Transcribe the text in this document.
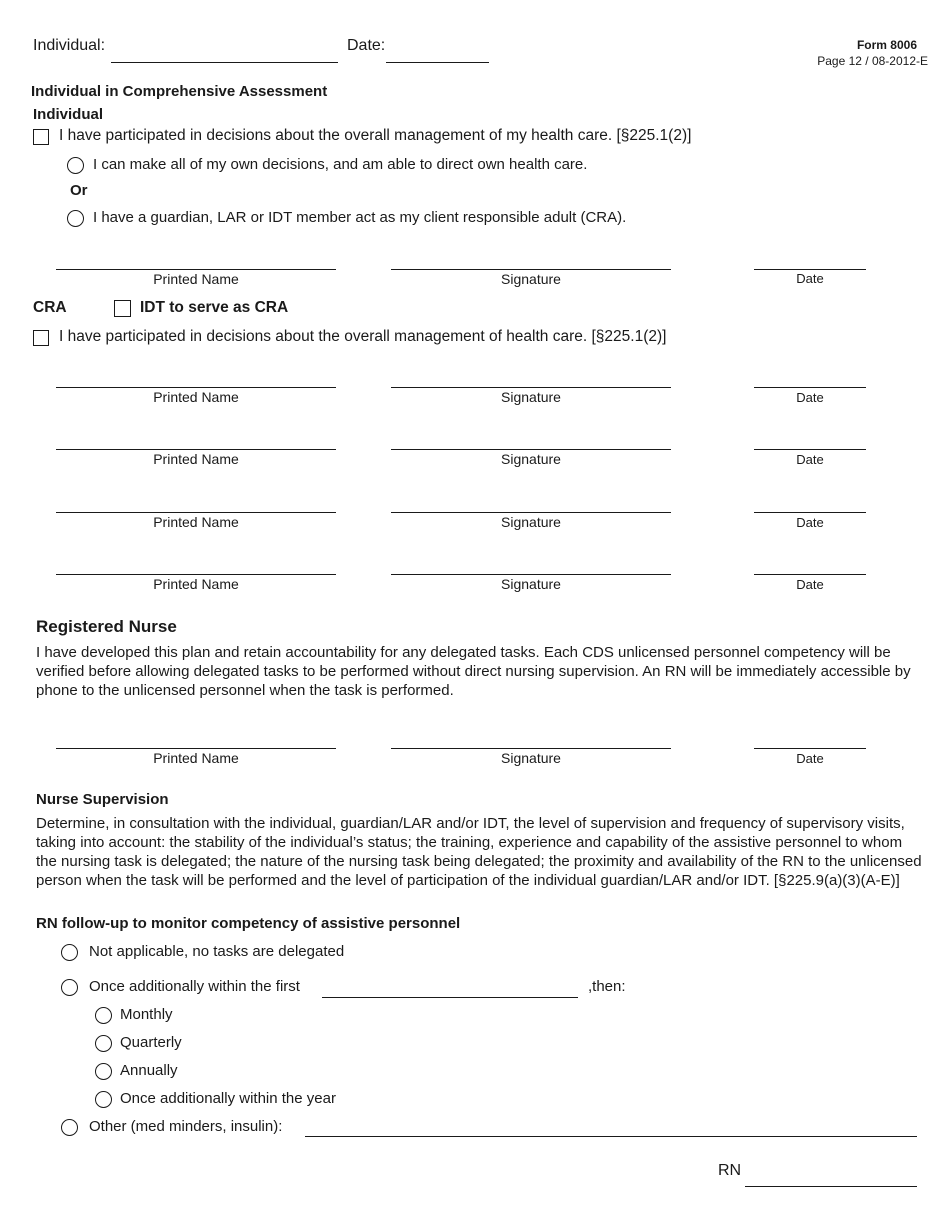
Individual:	Date:	Form 8006
Page 12 / 08-2012-E
Individual in Comprehensive Assessment
Individual
I have participated in decisions about the overall management of my health care. [§225.1(2)]
I can make all of my own decisions, and am able to direct own health care.
Or
I have a guardian, LAR or IDT member act as my client responsible adult (CRA).
Printed Name	Signature	Date
CRA	IDT to serve as CRA
I have participated in decisions about the overall management of health care. [§225.1(2)]
Printed Name	Signature	Date
Printed Name	Signature	Date
Printed Name	Signature	Date
Printed Name	Signature	Date
Registered Nurse
I have developed this plan and retain accountability for any delegated tasks. Each CDS unlicensed personnel competency will be verified before allowing delegated tasks to be performed without direct nursing supervision. An RN will be immediately accessible by phone to the unlicensed personnel when the task is performed.
Printed Name	Signature	Date
Nurse Supervision
Determine, in consultation with the individual, guardian/LAR and/or IDT, the level of supervision and frequency of supervisory visits, taking into account: the stability of the individual’s status; the training, experience and capability of the assistive personnel to whom the nursing task is delegated; the nature of the nursing task being delegated; the proximity and availability of the RN to the unlicensed person when the task will be performed and the level of participation of the individual guardian/LAR and/or IDT. [§225.9(a)(3)(A-E)]
RN follow-up to monitor competency of assistive personnel
Not applicable, no tasks are delegated
Once additionally within the first	,then:
Monthly
Quarterly
Annually
Once additionally within the year
Other (med minders, insulin):
RN
